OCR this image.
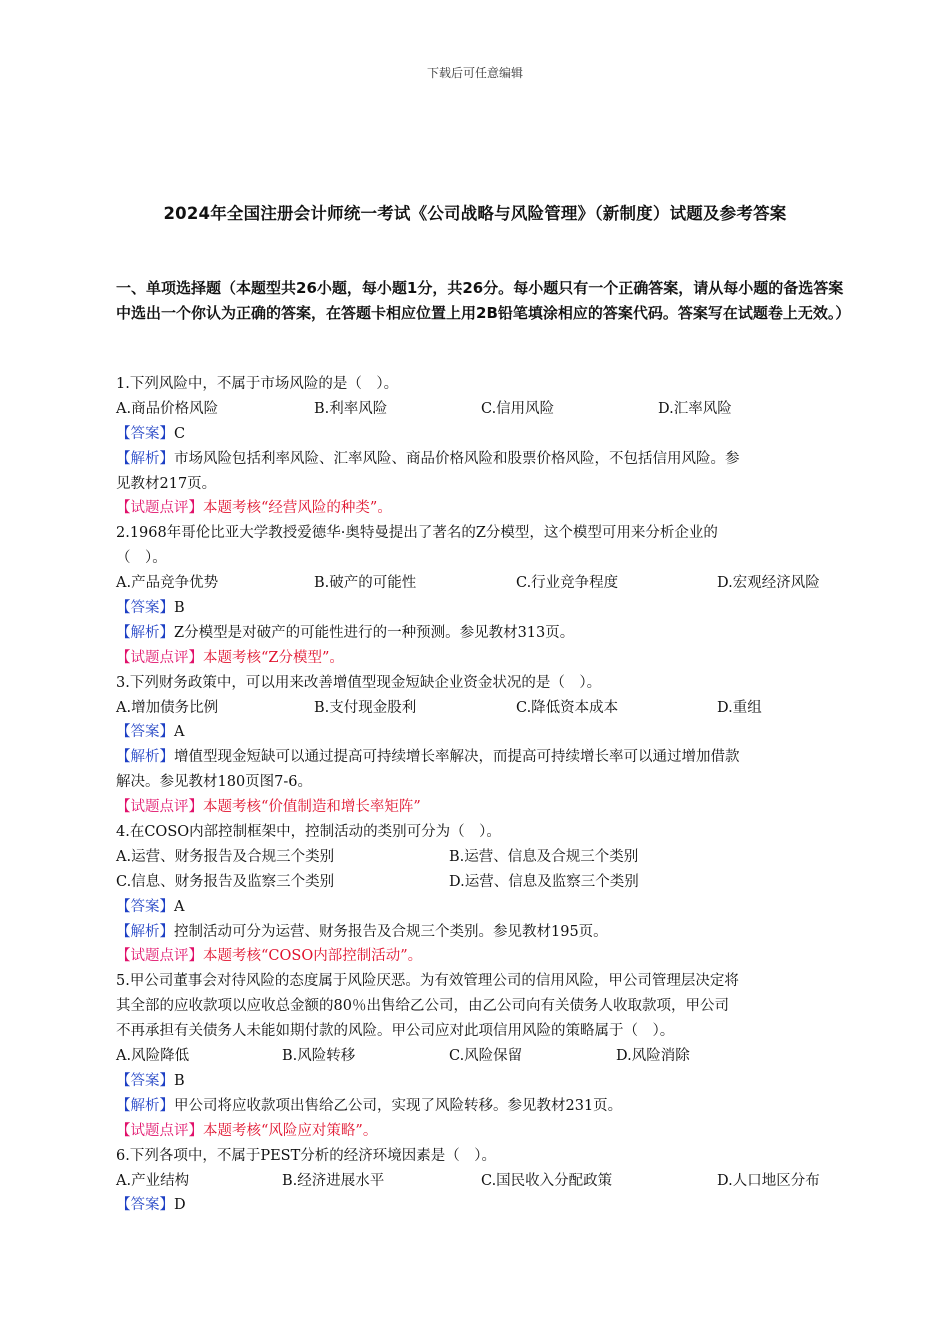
下载后可任意编辑
2024年全国注册会计师统一考试《公司战略与风险管理》（新制度）试题及参考答案
一、单项选择题（本题型共26小题，每小题1分，共26分。每小题只有一个正确答案，请从每小题的备选答案中选出一个你认为正确的答案，在答题卡相应位置上用2B铅笔填涂相应的答案代码。答案写在试题卷上无效。）
1.下列风险中，不属于市场风险的是（　）。
A.商品价格风险	B.利率风险	C.信用风险	D.汇率风险
【答案】C
【解析】市场风险包括利率风险、汇率风险、商品价格风险和股票价格风险，不包括信用风险。参
见教材217页。
【试题点评】本题考核“经营风险的种类”。
2.1968年哥伦比亚大学教授爱德华·奥特曼提出了著名的Z分模型，这个模型可用来分析企业的
（　）。
A.产品竞争优势	B.破产的可能性	C.行业竞争程度	D.宏观经济风险
【答案】B
【解析】Z分模型是对破产的可能性进行的一种预测。参见教材313页。
【试题点评】本题考核“Z分模型”。
3.下列财务政策中，可以用来改善增值型现金短缺企业资金状况的是（　）。
A.增加债务比例	B.支付现金股利	C.降低资本成本	D.重组
【答案】A
【解析】增值型现金短缺可以通过提高可持续增长率解决，而提高可持续增长率可以通过增加借款
解决。参见教材180页图7-6。
【试题点评】本题考核“价值制造和增长率矩阵”
4.在COSO内部控制框架中，控制活动的类别可分为（　）。
A.运营、财务报告及合规三个类别	B.运营、信息及合规三个类别
C.信息、财务报告及监察三个类别	D.运营、信息及监察三个类别
【答案】A
【解析】控制活动可分为运营、财务报告及合规三个类别。参见教材195页。
【试题点评】本题考核“COSO内部控制活动”。
5.甲公司董事会对待风险的态度属于风险厌恶。为有效管理公司的信用风险，甲公司管理层决定将
其全部的应收款项以应收总金额的80％出售给乙公司，由乙公司向有关债务人收取款项，甲公司
不再承担有关债务人未能如期付款的风险。甲公司应对此项信用风险的策略属于（　）。
A.风险降低	B.风险转移	C.风险保留	D.风险消除
【答案】B
【解析】甲公司将应收款项出售给乙公司，实现了风险转移。参见教材231页。
【试题点评】本题考核“风险应对策略”。
6.下列各项中，不属于PEST分析的经济环境因素是（　）。
A.产业结构	B.经济进展水平	C.国民收入分配政策	D.人口地区分布
【答案】D
